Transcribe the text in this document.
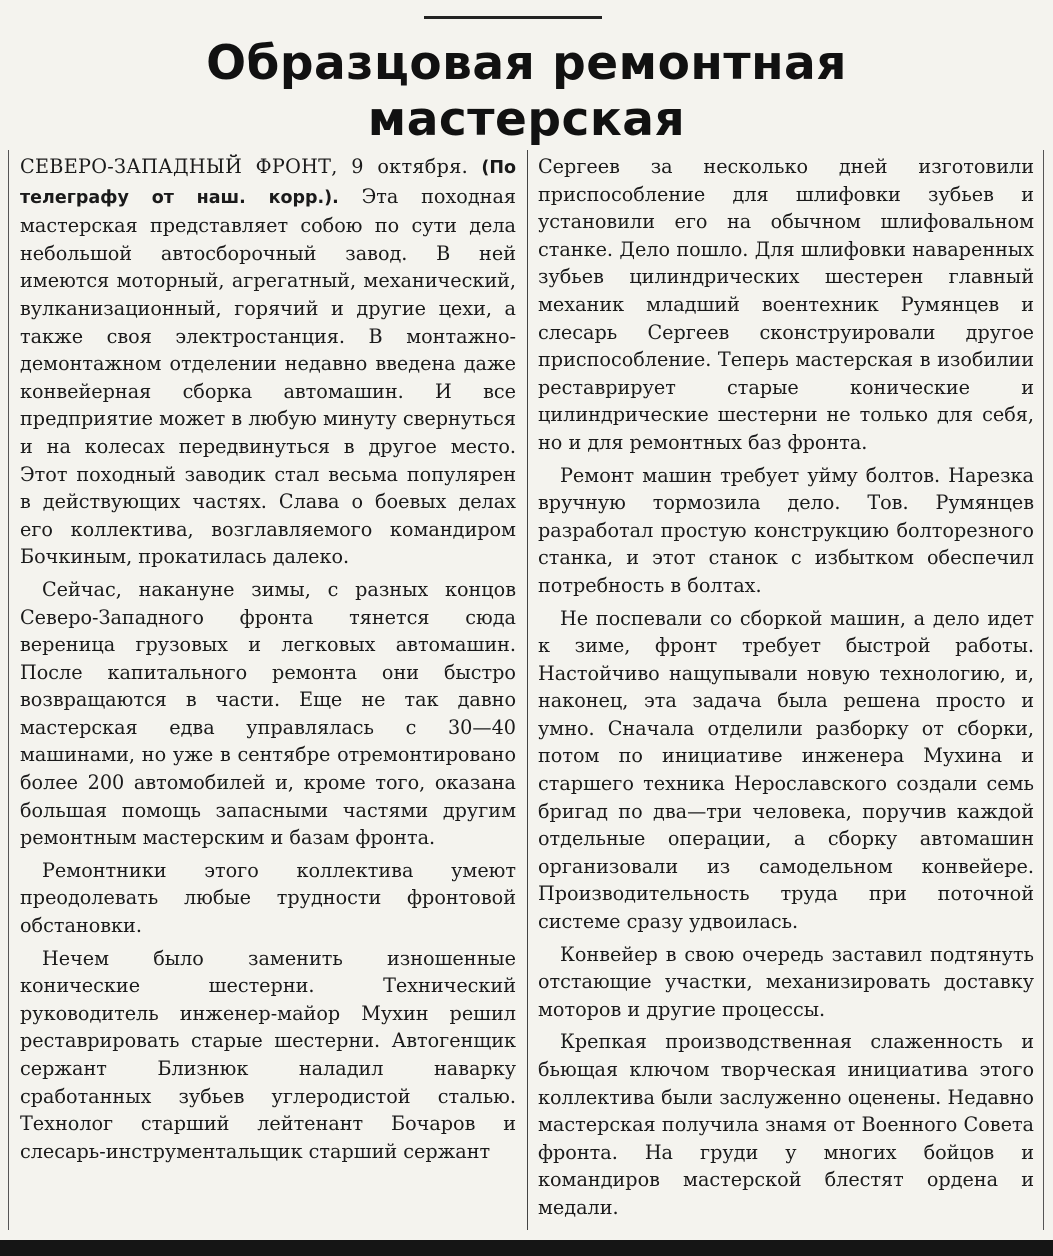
Образцовая ремонтная
мастерская

СЕВЕРО-ЗАПАДНЫЙ ФРОНТ, 9 октября. (По телеграфу от наш. корр.). Эта походная мастерская представляет собою по сути дела небольшой автосборочный завод. В ней имеются моторный, агрегатный, механический, вулканизационный, горячий и другие цехи, а также своя электростанция. В монтажно-демонтажном отделении недавно введена даже конвейерная сборка автомашин. И все предприятие может в любую минуту свернуться и на колесах передвинуться в другое место. Этот походный заводик стал весьма популярен в действующих частях. Слава о боевых делах его коллектива, возглавляемого командиром Бочкиным, прокатилась далеко.

Сейчас, накануне зимы, с разных концов Северо-Западного фронта тянется сюда вереница грузовых и легковых автомашин. После капитального ремонта они быстро возвращаются в части. Еще не так давно мастерская едва управлялась с 30—40 машинами, но уже в сентябре отремонтировано более 200 автомобилей и, кроме того, оказана большая помощь запасными частями другим ремонтным мастерским и базам фронта.

Ремонтники этого коллектива умеют преодолевать любые трудности фронтовой обстановки.

Нечем было заменить изношенные конические шестерни. Технический руководитель инженер-майор Мухин решил реставрировать старые шестерни. Автогенщик сержант Близнюк наладил наварку сработанных зубьев углеродистой сталью. Технолог старший лейтенант Бочаров и слесарь-инструментальщик старший сержант

Сергеев за несколько дней изготовили приспособление для шлифовки зубьев и установили его на обычном шлифовальном станке. Дело пошло. Для шлифовки наваренных зубьев цилиндрических шестерен главный механик младший воентехник Румянцев и слесарь Сергеев сконструировали другое приспособление. Теперь мастерская в изобилии реставрирует старые конические и цилиндрические шестерни не только для себя, но и для ремонтных баз фронта.

Ремонт машин требует уйму болтов. Нарезка вручную тормозила дело. Тов. Румянцев разработал простую конструкцию болторезного станка, и этот станок с избытком обеспечил потребность в болтах.

Не поспевали со сборкой машин, а дело идет к зиме, фронт требует быстрой работы. Настойчиво нащупывали новую технологию, и, наконец, эта задача была решена просто и умно. Сначала отделили разборку от сборки, потом по инициативе инженера Мухина и старшего техника Нерославского создали семь бригад по два—три человека, поручив каждой отдельные операции, а сборку автомашин организовали из самодельном конвейере. Производительность труда при поточной системе сразу удвоилась.

Конвейер в свою очередь заставил подтянуть отстающие участки, механизировать доставку моторов и другие процессы.

Крепкая производственная слаженность и бьющая ключом творческая инициатива этого коллектива были заслуженно оценены. Недавно мастерская получила знамя от Военного Совета фронта. На груди у многих бойцов и командиров мастерской блестят ордена и медали.
